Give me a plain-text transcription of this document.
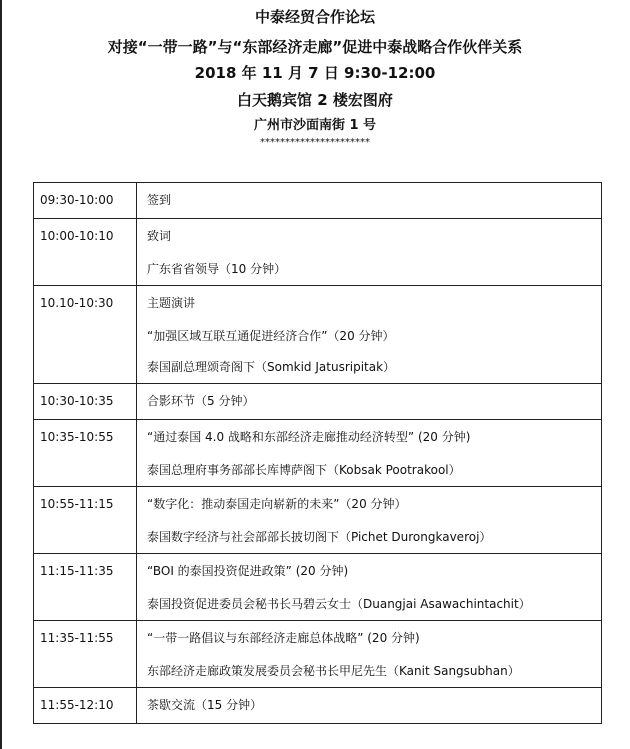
中泰经贸合作论坛
对接“一带一路”与“东部经济走廊”促进中泰战略合作伙伴关系
2018 年 11 月 7 日 9:30-12:00
白天鹅宾馆 2 楼宏图府
广州市沙面南街 1 号
**********************
09:30-10:00	签到

10:00-10:10	致词
广东省省领导（10 分钟）

10.10-10:30	主题演讲
“加强区域互联互通促进经济合作”（20 分钟）
泰国副总理颂奇阁下（Somkid Jatusripitak）

10:30-10:35	合影环节（5 分钟）

10:35-10:55	“通过泰国 4.0 战略和东部经济走廊推动经济转型” (20 分钟)
泰国总理府事务部部长库博萨阁下（Kobsak Pootrakool）

10:55-11:15	“数字化：推动泰国走向崭新的未来”（20 分钟）
泰国数字经济与社会部部长披切阁下（Pichet Durongkaveroj）

11:15-11:35	“BOI 的泰国投资促进政策” (20 分钟)
泰国投资促进委员会秘书长马碧云女士（Duangjai Asawachintachit）

11:35-11:55	“一带一路倡议与东部经济走廊总体战略” (20 分钟)
东部经济走廊政策发展委员会秘书长甲尼先生（Kanit Sangsubhan）

11:55-12:10	茶歇交流（15 分钟）
